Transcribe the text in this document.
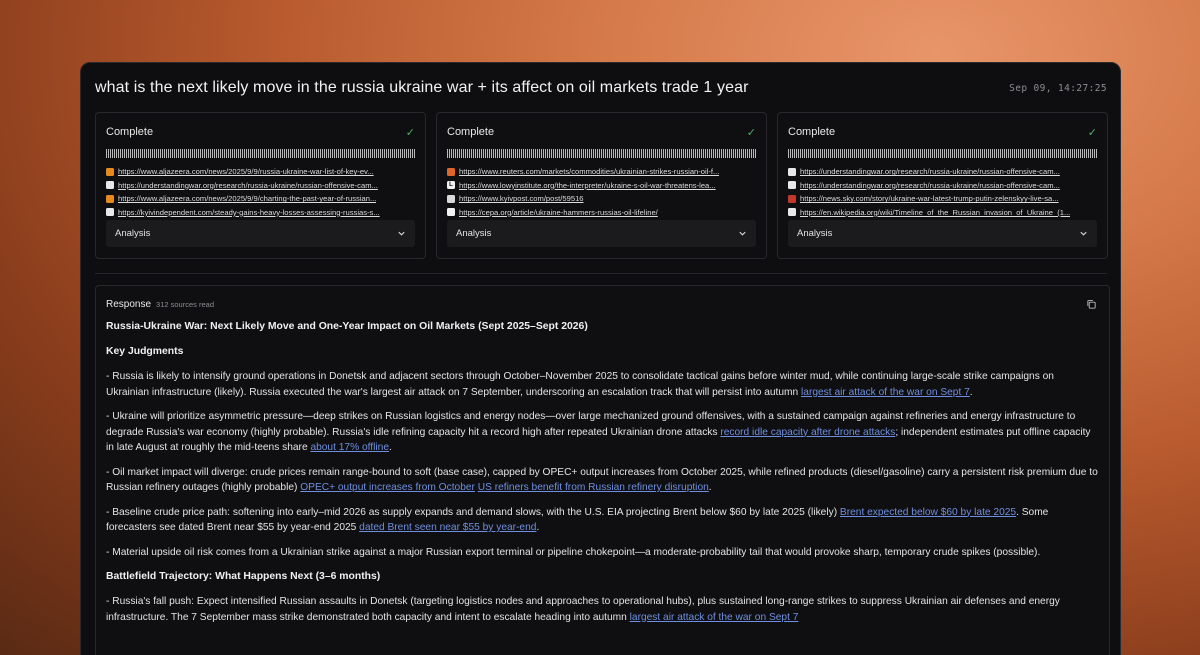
what is the next likely move in the russia ukraine war + its affect on oil markets trade 1 year	Sep 09, 14:27:25
Complete	✓
https://www.aljazeera.com/news/2025/9/9/russia-ukraine-war-list-of-key-ev...
https://understandingwar.org/research/russia-ukraine/russian-offensive-cam...
https://www.aljazeera.com/news/2025/9/9/charting-the-past-year-of-russian...
https://kyivindependent.com/steady-gains-heavy-losses-assessing-russias-s...
Analysis
Complete	✓
https://www.reuters.com/markets/commodities/ukrainian-strikes-russian-oil-f...
L https://www.lowyinstitute.org/the-interpreter/ukraine-s-oil-war-threatens-lea...
https://www.kyivpost.com/post/59516
https://cepa.org/article/ukraine-hammers-russias-oil-lifeline/
Analysis
Complete	✓
https://understandingwar.org/research/russia-ukraine/russian-offensive-cam...
https://understandingwar.org/research/russia-ukraine/russian-offensive-cam...
https://news.sky.com/story/ukraine-war-latest-trump-putin-zelenskyy-live-sa...
https://en.wikipedia.org/wiki/Timeline_of_the_Russian_invasion_of_Ukraine_(1...
Analysis
Response 312 sources read
Russia-Ukraine War: Next Likely Move and One-Year Impact on Oil Markets (Sept 2025–Sept 2026)
Key Judgments

- Russia is likely to intensify ground operations in Donetsk and adjacent sectors through October–November 2025 to consolidate tactical gains before winter mud, while continuing large-scale strike campaigns on Ukrainian infrastructure (likely). Russia executed the war's largest air attack on 7 September, underscoring an escalation track that will persist into autumn largest air attack of the war on Sept 7.

- Ukraine will prioritize asymmetric pressure—deep strikes on Russian logistics and energy nodes—over large mechanized ground offensives, with a sustained campaign against refineries and energy infrastructure to degrade Russia's war economy (highly probable). Russia's idle refining capacity hit a record high after repeated Ukrainian drone attacks record idle capacity after drone attacks; independent estimates put offline capacity in late August at roughly the mid-teens share about 17% offline.

- Oil market impact will diverge: crude prices remain range-bound to soft (base case), capped by OPEC+ output increases from October 2025, while refined products (diesel/gasoline) carry a persistent risk premium due to Russian refinery outages (highly probable) OPEC+ output increases from October US refiners benefit from Russian refinery disruption.

- Baseline crude price path: softening into early–mid 2026 as supply expands and demand slows, with the U.S. EIA projecting Brent below $60 by late 2025 (likely) Brent expected below $60 by late 2025. Some forecasters see dated Brent near $55 by year-end 2025 dated Brent seen near $55 by year-end.

- Material upside oil risk comes from a Ukrainian strike against a major Russian export terminal or pipeline chokepoint—a moderate-probability tail that would provoke sharp, temporary crude spikes (possible).

Battlefield Trajectory: What Happens Next (3–6 months)

- Russia's fall push: Expect intensified Russian assaults in Donetsk (targeting logistics nodes and approaches to operational hubs), plus sustained long-range strikes to suppress Ukrainian air defenses and energy infrastructure. The 7 September mass strike demonstrated both capacity and intent to escalate heading into autumn largest air attack of the war on Sept 7
